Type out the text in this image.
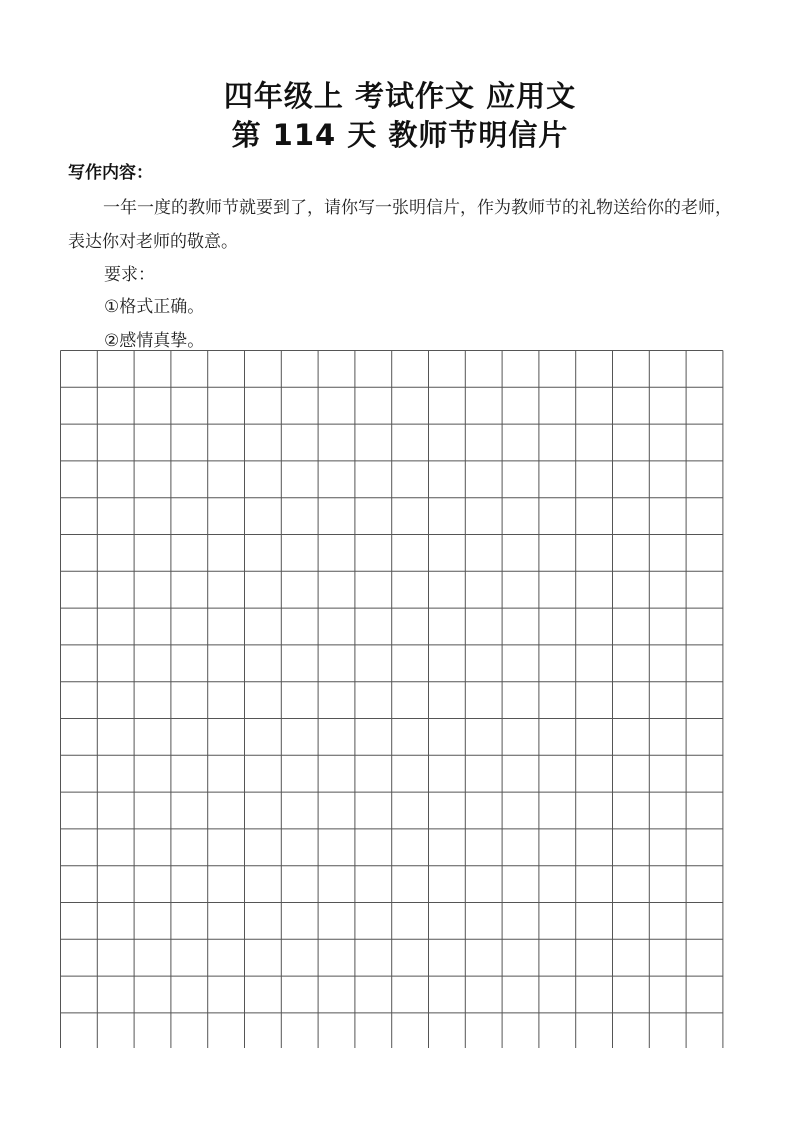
四年级上 考试作文 应用文
第 114 天 教师节明信片
写作内容：

一年一度的教师节就要到了，请你写一张明信片，作为教师节的礼物送给你的老师，表达你对老师的敬意。

要求：
①格式正确。
②感情真挚。
